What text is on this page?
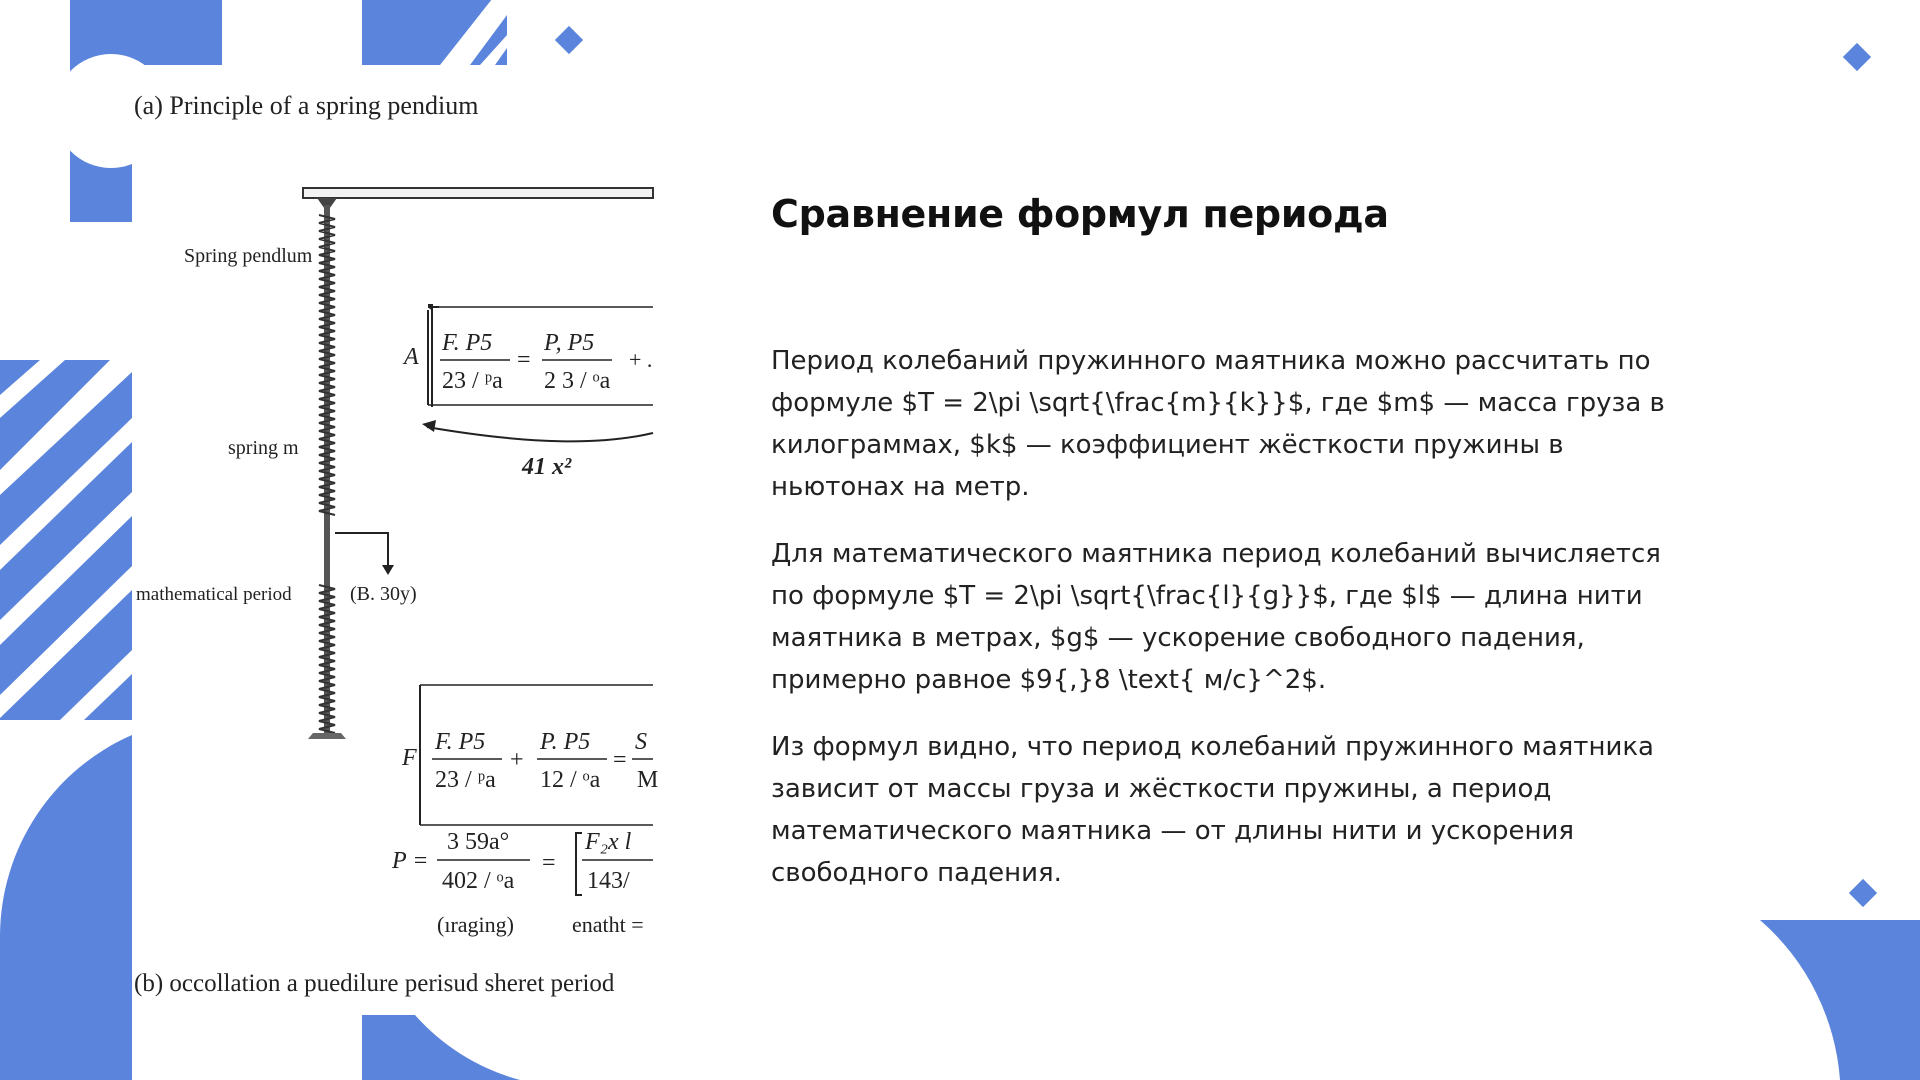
(a) Principle of a spring pendium
Spring pendlum
spring m
mathematical period	(B. 30y)
A
F. P5
23 / ᵖa
=
P, P5
2 3 / ᵒa
+ .
41 x²
F
F. P5
23 / ᵖa
+
P. P5
12 / ᵒa
=
S
M
P =
3 59a°
402 / ᵒa
=
F₂x l
143/
(ıraging)	enatht =
(b) occollation a puedilure perisud sheret period
Сравнение формул периода

Период колебаний пружинного маятника можно рассчитать по формуле $T = 2\pi \sqrt{\frac{m}{k}}$, где $m$ — масса груза в килограммах, $k$ — коэффициент жёсткости пружины в ньютонах на метр.

Для математического маятника период колебаний вычисляется по формуле $T = 2\pi \sqrt{\frac{l}{g}}$, где $l$ — длина нити маятника в метрах, $g$ — ускорение свободного падения, примерно равное $9{,}8 \text{ м/с}^2$.

Из формул видно, что период колебаний пружинного маятника зависит от массы груза и жёсткости пружины, а период математического маятника — от длины нити и ускорения свободного падения.
